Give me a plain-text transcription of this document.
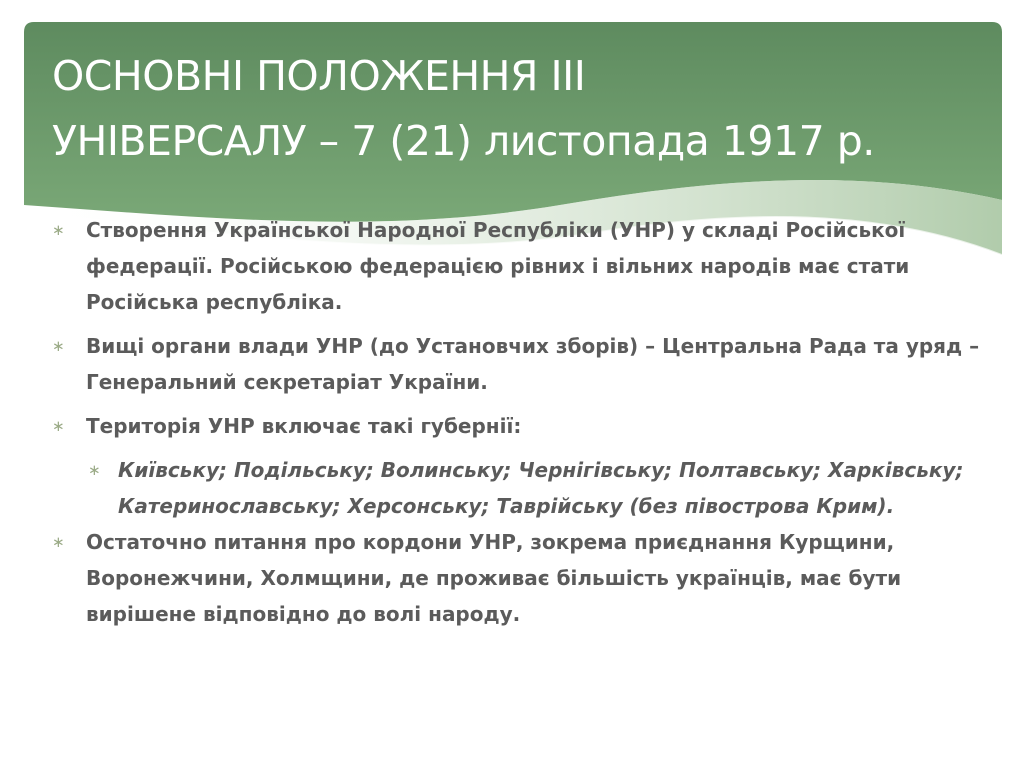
ОСНОВНІ ПОЛОЖЕННЯ ІІІ
УНІВЕРСАЛУ – 7 (21) листопада 1917 р.
∗ Створення Української Народної Республіки (УНР) у складі Російської федерації. Російською федерацією рівних і вільних народів має стати Російська республіка.
∗ Вищі органи влади УНР (до Установчих зборів) – Центральна Рада та уряд – Генеральний секретаріат України.
∗ Територія УНР включає такі губернії:
∗ Київську; Подільську; Волинську; Чернігівську; Полтавську; Харківську; Катеринославську; Херсонську; Таврійську (без півострова Крим).
∗ Остаточно питання про кордони УНР, зокрема приєднання Курщини, Воронежчини, Холмщини, де проживає більшість українців, має бути вирішене відповідно до волі народу.
